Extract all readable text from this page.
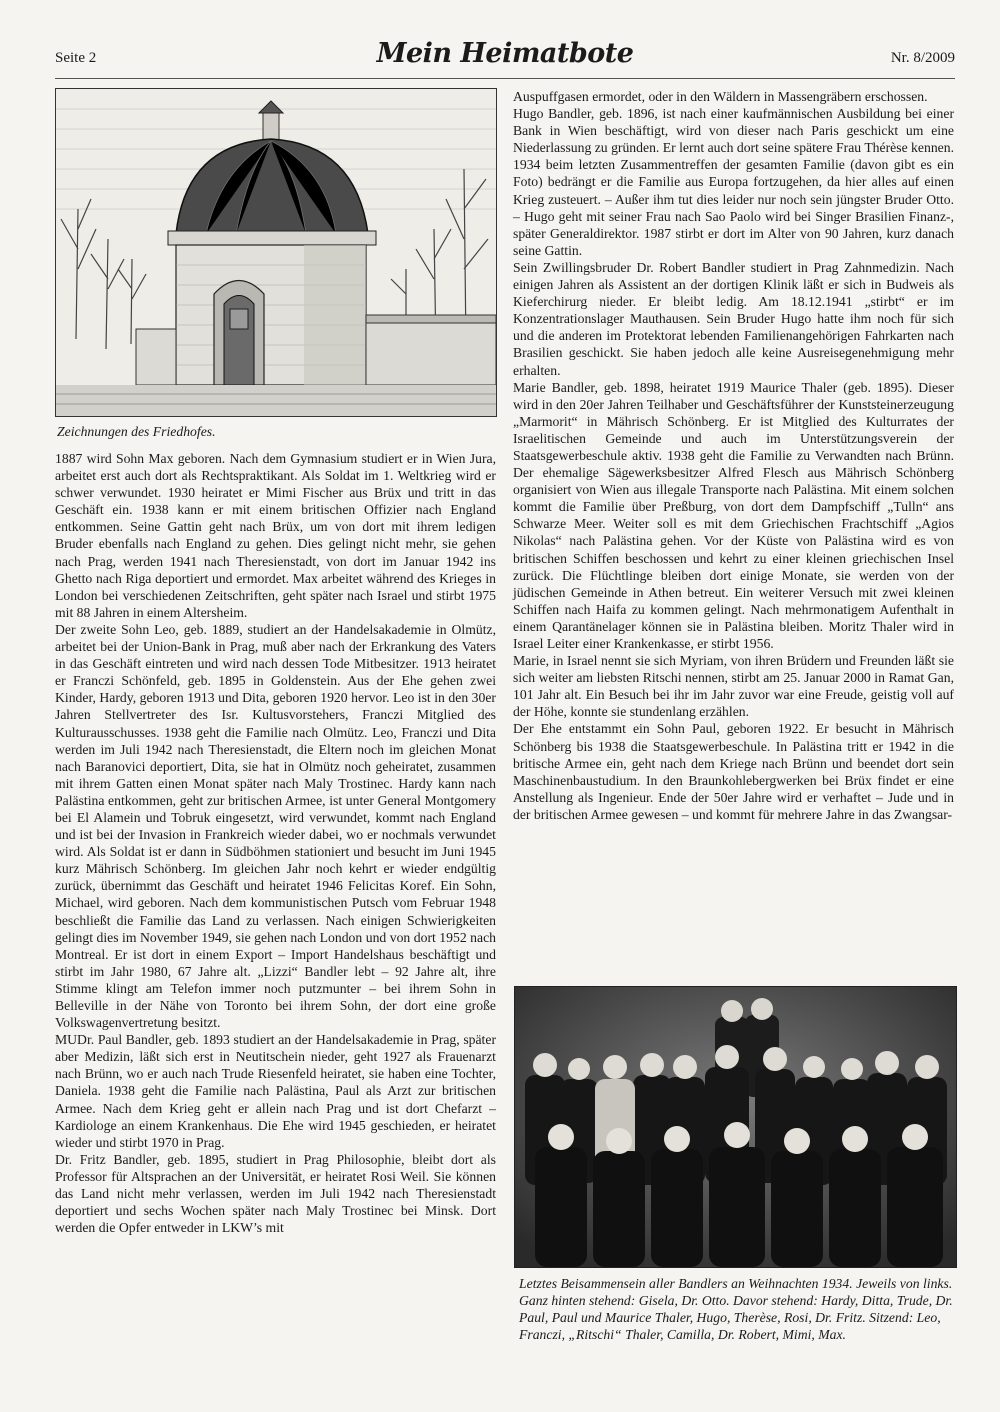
Seite 2	Mein Heimatbote	Nr. 8/2009
Zeichnungen des Friedhofes.

1887 wird Sohn Max geboren. Nach dem Gymnasium studiert er in Wien Jura, arbeitet erst auch dort als Rechtspraktikant. Als Soldat im 1. Weltkrieg wird er schwer verwundet. 1930 heiratet er Mimi Fischer aus Brüx und tritt in das Geschäft ein. 1938 kann er mit einem britischen Offizier nach England entkommen. Seine Gattin geht nach Brüx, um von dort mit ihrem ledigen Bruder ebenfalls nach England zu gehen. Dies gelingt nicht mehr, sie gehen nach Prag, werden 1941 nach Theresienstadt, von dort im Januar 1942 ins Ghetto nach Riga deportiert und ermordet. Max arbeitet während des Krieges in London bei verschiedenen Zeitschriften, geht später nach Israel und stirbt 1975 mit 88 Jahren in einem Altersheim.

Der zweite Sohn Leo, geb. 1889, studiert an der Handelsakademie in Olmütz, arbeitet bei der Union-Bank in Prag, muß aber nach der Erkrankung des Vaters in das Geschäft eintreten und wird nach dessen Tode Mitbesitzer. 1913 heiratet er Franczi Schönfeld, geb. 1895 in Goldenstein. Aus der Ehe gehen zwei Kinder, Hardy, geboren 1913 und Dita, geboren 1920 hervor. Leo ist in den 30er Jahren Stellvertreter des Isr. Kultusvorstehers, Franczi Mitglied des Kulturausschusses. 1938 geht die Familie nach Olmütz. Leo, Franczi und Dita werden im Juli 1942 nach Theresienstadt, die Eltern noch im gleichen Monat nach Baranovici deportiert, Dita, sie hat in Olmütz noch geheiratet, zusammen mit ihrem Gatten einen Monat später nach Maly Trostinec. Hardy kann nach Palästina entkommen, geht zur britischen Armee, ist unter General Montgomery bei El Alamein und Tobruk eingesetzt, wird verwundet, kommt nach England und ist bei der Invasion in Frankreich wieder dabei, wo er nochmals verwundet wird. Als Soldat ist er dann in Südböhmen stationiert und besucht im Juni 1945 kurz Mährisch Schönberg. Im gleichen Jahr noch kehrt er wieder endgültig zurück, übernimmt das Geschäft und heiratet 1946 Felicitas Koref. Ein Sohn, Michael, wird geboren. Nach dem kommunistischen Putsch vom Februar 1948 beschließt die Familie das Land zu verlassen. Nach einigen Schwierigkeiten gelingt dies im November 1949, sie gehen nach London und von dort 1952 nach Montreal. Er ist dort in einem Export – Import Handelshaus beschäftigt und stirbt im Jahr 1980, 67 Jahre alt. „Lizzi“ Bandler lebt – 92 Jahre alt, ihre Stimme klingt am Telefon immer noch putzmunter – bei ihrem Sohn in Belleville in der Nähe von Toronto bei ihrem Sohn, der dort eine große Volkswagenvertretung besitzt.

MUDr. Paul Bandler, geb. 1893 studiert an der Handelsakademie in Prag, später aber Medizin, läßt sich erst in Neutitschein nieder, geht 1927 als Frauenarzt nach Brünn, wo er auch nach Trude Riesenfeld heiratet, sie haben eine Tochter, Daniela. 1938 geht die Familie nach Palästina, Paul als Arzt zur britischen Armee. Nach dem Krieg geht er allein nach Prag und ist dort Chefarzt – Kardiologe an einem Krankenhaus. Die Ehe wird 1945 geschieden, er heiratet wieder und stirbt 1970 in Prag.

Dr. Fritz Bandler, geb. 1895, studiert in Prag Philosophie, bleibt dort als Professor für Altsprachen an der Universität, er heiratet Rosi Weil. Sie können das Land nicht mehr verlassen, werden im Juli 1942 nach Theresienstadt deportiert und sechs Wochen später nach Maly Trostinec bei Minsk. Dort werden die Opfer entweder in LKW’s mit

Auspuffgasen ermordet, oder in den Wäldern in Massengräbern erschossen.

Hugo Bandler, geb. 1896, ist nach einer kaufmännischen Ausbildung bei einer Bank in Wien beschäftigt, wird von dieser nach Paris geschickt um eine Niederlassung zu gründen. Er lernt auch dort seine spätere Frau Thérèse kennen. 1934 beim letzten Zusammentreffen der gesamten Familie (davon gibt es ein Foto) bedrängt er die Familie aus Europa fortzugehen, da hier alles auf einen Krieg zusteuert. – Außer ihm tut dies leider nur noch sein jüngster Bruder Otto. – Hugo geht mit seiner Frau nach Sao Paolo wird bei Singer Brasilien Finanz-, später Generaldirektor. 1987 stirbt er dort im Alter von 90 Jahren, kurz danach seine Gattin.

Sein Zwillingsbruder Dr. Robert Bandler studiert in Prag Zahnmedizin. Nach einigen Jahren als Assistent an der dortigen Klinik läßt er sich in Budweis als Kieferchirurg nieder. Er bleibt ledig. Am 18.12.1941 „stirbt“ er im Konzentrationslager Mauthausen. Sein Bruder Hugo hatte ihm noch für sich und die anderen im Protektorat lebenden Familienangehörigen Fahrkarten nach Brasilien geschickt. Sie haben jedoch alle keine Ausreisegenehmigung mehr erhalten.

Marie Bandler, geb. 1898, heiratet 1919 Maurice Thaler (geb. 1895). Dieser wird in den 20er Jahren Teilhaber und Geschäftsführer der Kunststeinerzeugung „Marmorit“ in Mährisch Schönberg. Er ist Mitglied des Kulturrates der Israelitischen Gemeinde und auch im Unterstützungsverein der Staatsgewerbeschule aktiv. 1938 geht die Familie zu Verwandten nach Brünn. Der ehemalige Sägewerksbesitzer Alfred Flesch aus Mährisch Schönberg organisiert von Wien aus illegale Transporte nach Palästina. Mit einem solchen kommt die Familie über Preßburg, von dort dem Dampfschiff „Tulln“ ans Schwarze Meer. Weiter soll es mit dem Griechischen Frachtschiff „Agios Nikolas“ nach Palästina gehen. Vor der Küste von Palästina wird es von britischen Schiffen beschossen und kehrt zu einer kleinen griechischen Insel zurück. Die Flüchtlinge bleiben dort einige Monate, sie werden von der jüdischen Gemeinde in Athen betreut. Ein weiterer Versuch mit zwei kleinen Schiffen nach Haifa zu kommen gelingt. Nach mehrmonatigem Aufenthalt in einem Qarantänelager können sie in Palästina bleiben. Moritz Thaler wird in Israel Leiter einer Krankenkasse, er stirbt 1956.

Marie, in Israel nennt sie sich Myriam, von ihren Brüdern und Freunden läßt sie sich weiter am liebsten Ritschi nennen, stirbt am 25. Januar 2000 in Ramat Gan, 101 Jahr alt. Ein Besuch bei ihr im Jahr zuvor war eine Freude, geistig voll auf der Höhe, konnte sie stundenlang erzählen.

Der Ehe entstammt ein Sohn Paul, geboren 1922. Er besucht in Mährisch Schönberg bis 1938 die Staatsgewerbeschule. In Palästina tritt er 1942 in die britische Armee ein, geht nach dem Kriege nach Brünn und beendet dort sein Maschinenbaustudium. In den Braunkohlebergwerken bei Brüx findet er eine Anstellung als Ingenieur. Ende der 50er Jahre wird er verhaftet – Jude und in der britischen Armee gewesen – und kommt für mehrere Jahre in das Zwangsar-

Letztes Beisammensein aller Bandlers an Weihnachten 1934. Jeweils von links. Ganz hinten stehend: Gisela, Dr. Otto. Davor stehend: Hardy, Ditta, Trude, Dr. Paul, Paul und Maurice Thaler, Hugo, Therèse, Rosi, Dr. Fritz. Sitzend: Leo, Franczi, „Ritschi“ Thaler, Camilla, Dr. Robert, Mimi, Max.
